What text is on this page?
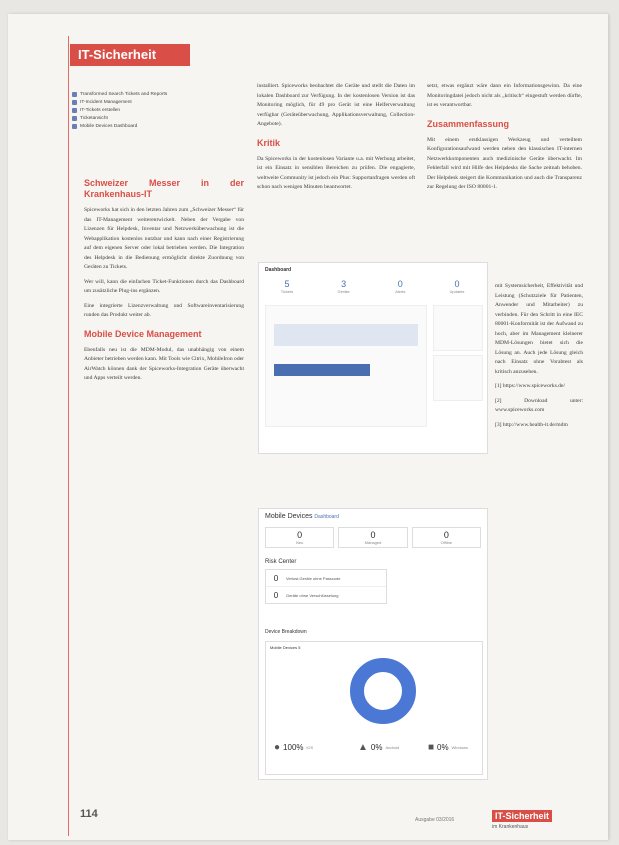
IT-Sicherheit
Transformed Search Tickets and Reports
IT-Incident Management
IT-Tickets erstellen
Ticketansicht
Mobile Devices Dashboard
Schweizer Messer in der Krankenhaus-IT

Spiceworks hat sich in den letzten Jahren zum „Schweizer Messer“ für das IT-Management weiterentwickelt. Neben der Vergabe von Lizenzen für Helpdesk, Inventar und Netzwerküberwachung ist die Webapplikation kostenlos nutzbar und kann nach einer Registrierung auf dem eigenen Server oder lokal betrieben werden. Die Integration des Helpdesk in die Bedienung ermöglicht direkte Zuordnung von Geräten zu Tickets.

Wer will, kann die einfachen Ticket-Funktionen durch das Dashboard um zusätzliche Plug-ins ergänzen.

Eine integrierte Lizenzverwaltung und Softwareinventarisierung runden das Produkt weiter ab.

Mobile Device Management

Ebenfalls neu ist die MDM-Modul, das unabhängig von einem Anbieter betrieben werden kann. Mit Tools wie Citrix, MobileIron oder AirWatch können dank der Spiceworks-Integration Geräte überwacht und Apps verteilt werden.

installiert. Spiceworks beobachtet die Geräte und stellt die Daten im lokalen Dashboard zur Verfügung. In der kostenlosen Version ist das Monitoring möglich, für 49 pro Gerät ist eine Helferverwaltung verfügbar (Geräteüberwachung, Applikationsverwaltung, Collection-Angebote).

Kritik

Da Spiceworks in der kostenlosen Variante u.a. mit Werbung arbeitet, ist ein Einsatz in sensiblen Bereichen zu prüfen. Die engagierte, weltweite Community ist jedoch ein Plus: Supportanfragen werden oft schon nach wenigen Minuten beantwortet.

setzt, etwas ergänzt wäre dann ein Informationsgewinn. Da eine Monitoringdatei jedoch nicht als „kritisch“ eingestuft werden dürfte, ist es verantwortbar.

Zusammenfassung

Mit einem erstklassigen Werkzeug und verteiltem Konfigurationsaufwand werden neben den klassischen IT-internen Netzwerkkomponenten auch medizinische Geräte überwacht. Im Fehlerfall wird mit Hilfe des Helpdesks die Sache zeitnah behoben. Der Helpdesk steigert die Kommunikation und auch die Transparenz zur Regelung der ISO 80001-1.

mit Systemsicherheit, Effektivität und Leistung (Schutzziele für Patienten, Anwender und Mitarbeiter) zu verbinden. Für den Schritt in eine IEC 80001-Konformität ist der Aufwand zu hoch, aber im Management kleinerer MDM-Lösungen bietet sich die Lösung an. Auch jede Lösung gleich nach Einsatz ohne Vorabtest als kritisch anzusehen.

[1] https://www.spiceworks.de/

[2] Download unter: www.spiceworks.com

[3] http://www.health-it.de/mdm

Dashboard
5
Tickets
3
Geräte
0
Alerts
0
Updates
Mobile Devices Dashboard
0
Neu
0
Managed
0
Offline
Risk Center
0	Verlust-Geräte ohne Passcode
0	Geräte ohne Verschlüsselung
Device Breakdown
Mobile Devices 5
● 100% iOS	▲ 0% Android	■ 0% Windows
114	Ausgabe 03/2016	IT-Sicherheit
im Krankenhaus
